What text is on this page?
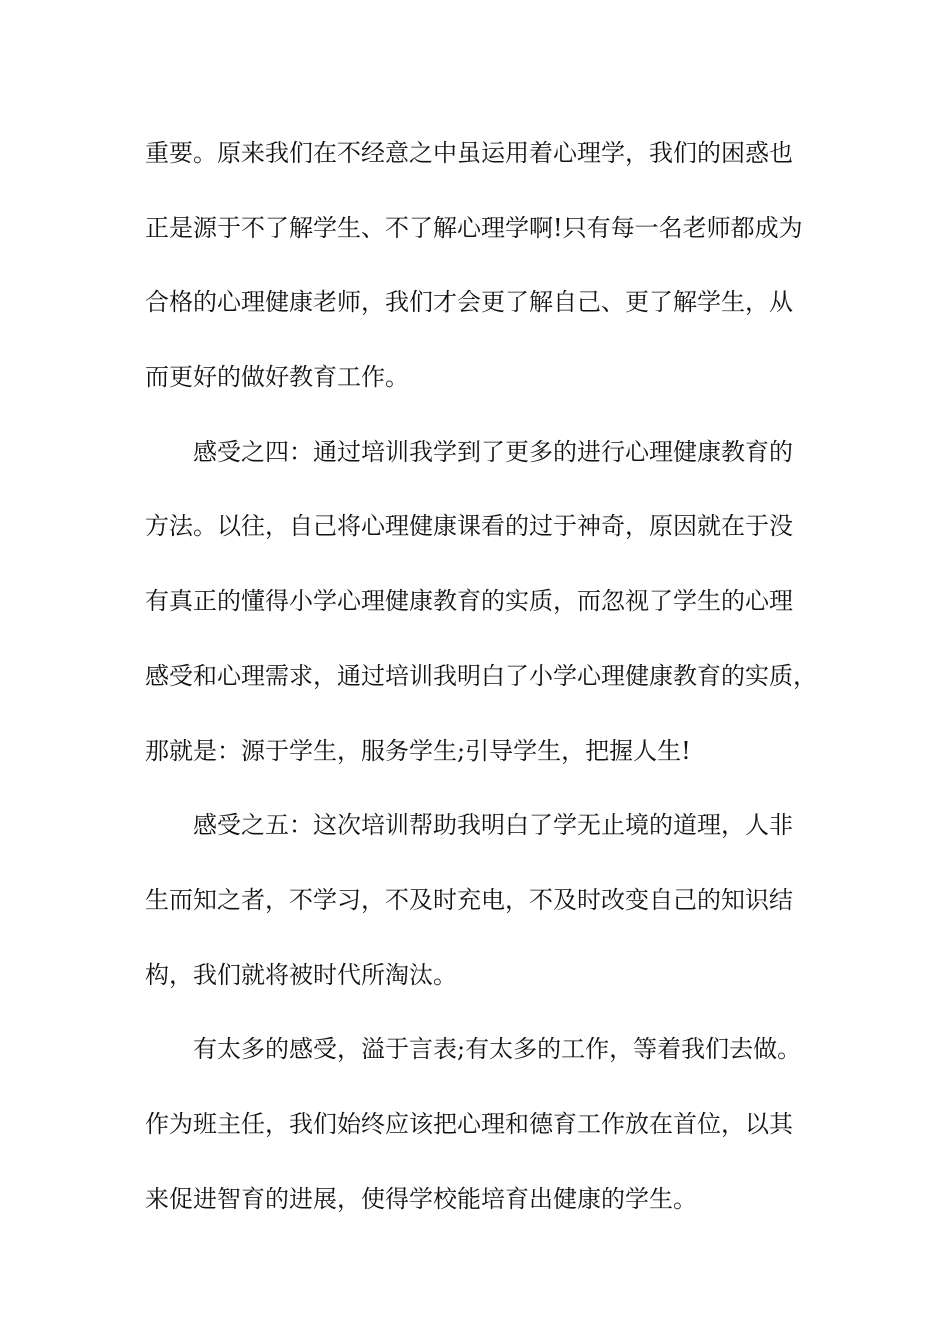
重要。原来我们在不经意之中虽运用着心理学，我们的困惑也
正是源于不了解学生、不了解心理学啊!只有每一名老师都成为
合格的心理健康老师，我们才会更了解自己、更了解学生，从
而更好的做好教育工作。
感受之四：通过培训我学到了更多的进行心理健康教育的
方法。以往，自己将心理健康课看的过于神奇，原因就在于没
有真正的懂得小学心理健康教育的实质，而忽视了学生的心理
感受和心理需求，通过培训我明白了小学心理健康教育的实质，
那就是：源于学生，服务学生;引导学生，把握人生!
感受之五：这次培训帮助我明白了学无止境的道理，人非
生而知之者，不学习，不及时充电，不及时改变自己的知识结
构，我们就将被时代所淘汰。
有太多的感受，溢于言表;有太多的工作，等着我们去做。
作为班主任，我们始终应该把心理和德育工作放在首位，以其
来促进智育的进展，使得学校能培育出健康的学生。
